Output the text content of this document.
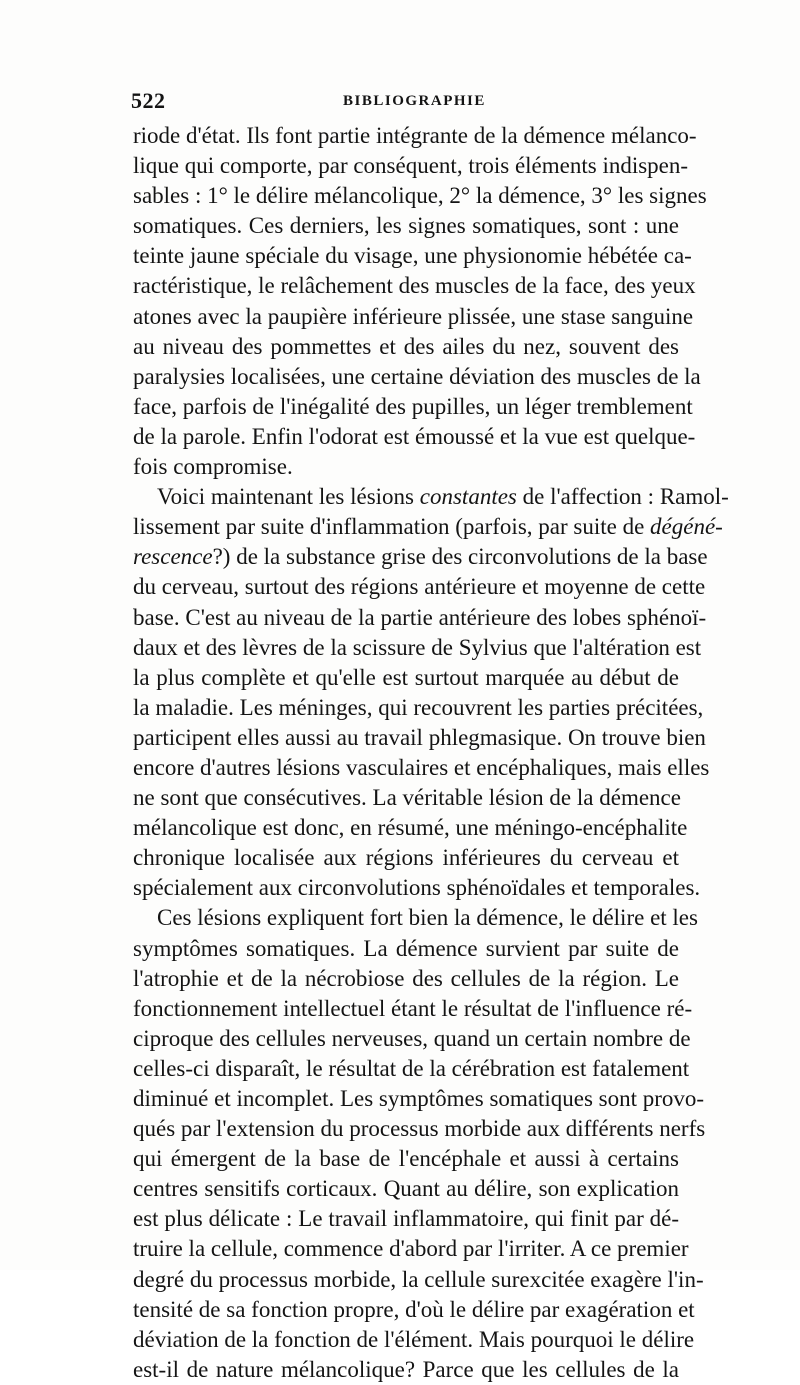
522	BIBLIOGRAPHIE
riode d'état. Ils font partie intégrante de la démence mélanco-
lique qui comporte, par conséquent, trois éléments indispen-
sables : 1° le délire mélancolique, 2° la démence, 3° les signes
somatiques. Ces derniers, les signes somatiques, sont : une
teinte jaune spéciale du visage, une physionomie hébétée ca-
ractéristique, le relâchement des muscles de la face, des yeux
atones avec la paupière inférieure plissée, une stase sanguine
au niveau des pommettes et des ailes du nez, souvent des
paralysies localisées, une certaine déviation des muscles de la
face, parfois de l'inégalité des pupilles, un léger tremblement
de la parole. Enfin l'odorat est émoussé et la vue est quelque-
fois compromise.
Voici maintenant les lésions constantes de l'affection : Ramol-
lissement par suite d'inflammation (parfois, par suite de dégéné-
rescence?) de la substance grise des circonvolutions de la base
du cerveau, surtout des régions antérieure et moyenne de cette
base. C'est au niveau de la partie antérieure des lobes sphénoï-
daux et des lèvres de la scissure de Sylvius que l'altération est
la plus complète et qu'elle est surtout marquée au début de
la maladie. Les méninges, qui recouvrent les parties précitées,
participent elles aussi au travail phlegmasique. On trouve bien
encore d'autres lésions vasculaires et encéphaliques, mais elles
ne sont que consécutives. La véritable lésion de la démence
mélancolique est donc, en résumé, une méningo-encéphalite
chronique localisée aux régions inférieures du cerveau et
spécialement aux circonvolutions sphénoïdales et temporales.
Ces lésions expliquent fort bien la démence, le délire et les
symptômes somatiques. La démence survient par suite de
l'atrophie et de la nécrobiose des cellules de la région. Le
fonctionnement intellectuel étant le résultat de l'influence ré-
ciproque des cellules nerveuses, quand un certain nombre de
celles-ci disparaît, le résultat de la cérébration est fatalement
diminué et incomplet. Les symptômes somatiques sont provo-
qués par l'extension du processus morbide aux différents nerfs
qui émergent de la base de l'encéphale et aussi à certains
centres sensitifs corticaux. Quant au délire, son explication
est plus délicate : Le travail inflammatoire, qui finit par dé-
truire la cellule, commence d'abord par l'irriter. A ce premier
degré du processus morbide, la cellule surexcitée exagère l'in-
tensité de sa fonction propre, d'où le délire par exagération et
déviation de la fonction de l'élément. Mais pourquoi le délire
est-il de nature mélancolique? Parce que les cellules de la
